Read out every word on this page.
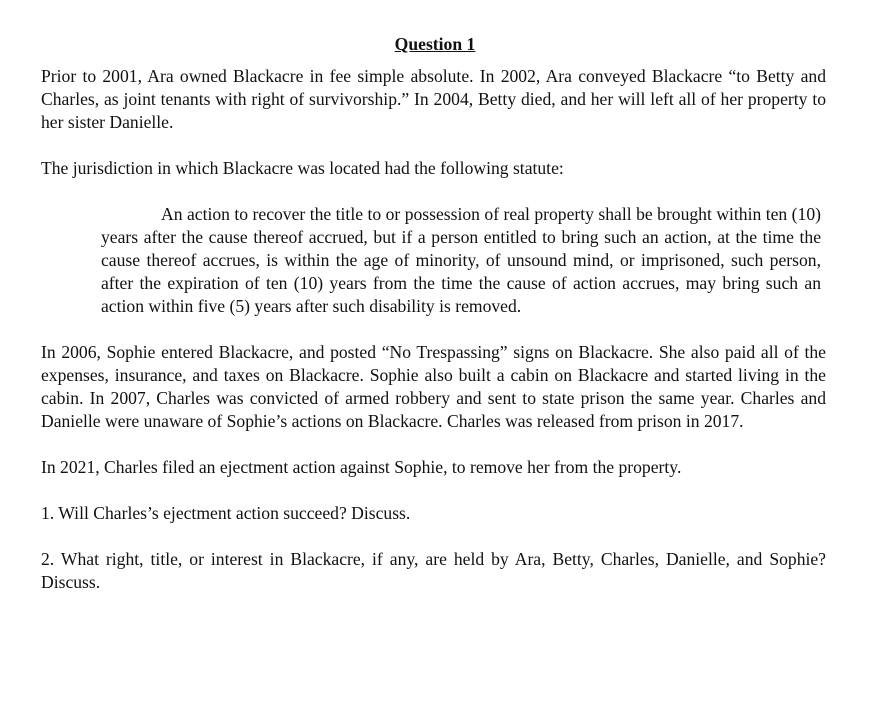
Question 1

Prior to 2001, Ara owned Blackacre in fee simple absolute. In 2002, Ara conveyed Blackacre “to Betty and Charles, as joint tenants with right of survivorship.” In 2004, Betty died, and her will left all of her property to her sister Danielle.

The jurisdiction in which Blackacre was located had the following statute:

An action to recover the title to or possession of real property shall be brought within ten (10) years after the cause thereof accrued, but if a person entitled to bring such an action, at the time the cause thereof accrues, is within the age of minority, of unsound mind, or imprisoned, such person, after the expiration of ten (10) years from the time the cause of action accrues, may bring such an action within five (5) years after such disability is removed.

In 2006, Sophie entered Blackacre, and posted “No Trespassing” signs on Blackacre. She also paid all of the expenses, insurance, and taxes on Blackacre. Sophie also built a cabin on Blackacre and started living in the cabin. In 2007, Charles was convicted of armed robbery and sent to state prison the same year. Charles and Danielle were unaware of Sophie’s actions on Blackacre. Charles was released from prison in 2017.

In 2021, Charles filed an ejectment action against Sophie, to remove her from the property.

1. Will Charles’s ejectment action succeed? Discuss.

2. What right, title, or interest in Blackacre, if any, are held by Ara, Betty, Charles, Danielle, and Sophie? Discuss.
